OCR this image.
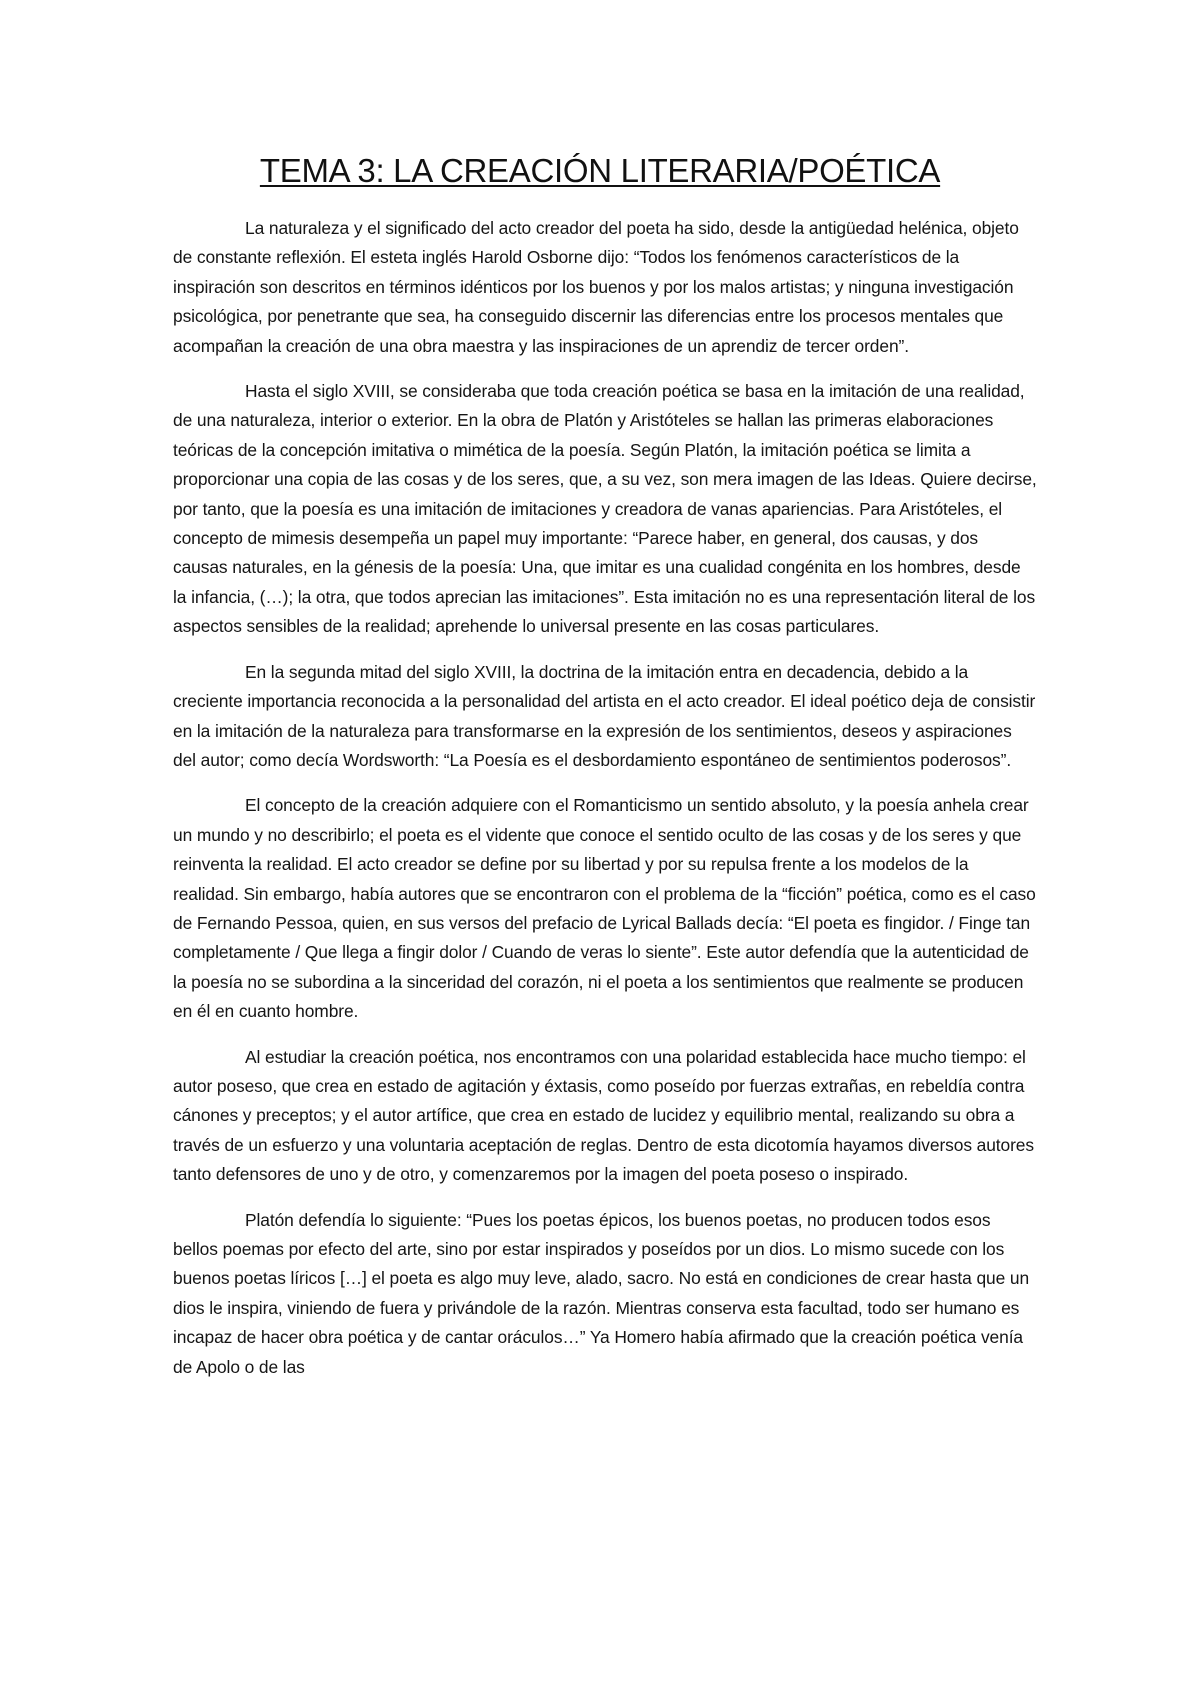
TEMA 3: LA CREACIÓN LITERARIA/POÉTICA

La naturaleza y el significado del acto creador del poeta ha sido, desde la antigüedad helénica, objeto de constante reflexión. El esteta inglés Harold Osborne dijo: “Todos los fenómenos característicos de la inspiración son descritos en términos idénticos por los buenos y por los malos artistas; y ninguna investigación psicológica, por penetrante que sea, ha conseguido discernir las diferencias entre los procesos mentales que acompañan la creación de una obra maestra y las inspiraciones de un aprendiz de tercer orden”.

Hasta el siglo XVIII, se consideraba que toda creación poética se basa en la imitación de una realidad, de una naturaleza, interior o exterior. En la obra de Platón y Aristóteles se hallan las primeras elaboraciones teóricas de la concepción imitativa o mimética de la poesía. Según Platón, la imitación poética se limita a proporcionar una copia de las cosas y de los seres, que, a su vez, son mera imagen de las Ideas. Quiere decirse, por tanto, que la poesía es una imitación de imitaciones y creadora de vanas apariencias. Para Aristóteles, el concepto de mimesis desempeña un papel muy importante: “Parece haber, en general, dos causas, y dos causas naturales, en la génesis de la poesía: Una, que imitar es una cualidad congénita en los hombres, desde la infancia, (…); la otra, que todos aprecian las imitaciones”. Esta imitación no es una representación literal de los aspectos sensibles de la realidad; aprehende lo universal presente en las cosas particulares.

En la segunda mitad del siglo XVIII, la doctrina de la imitación entra en decadencia, debido a la creciente importancia reconocida a la personalidad del artista en el acto creador. El ideal poético deja de consistir en la imitación de la naturaleza para transformarse en la expresión de los sentimientos, deseos y aspiraciones del autor; como decía Wordsworth: “La Poesía es el desbordamiento espontáneo de sentimientos poderosos”.

El concepto de la creación adquiere con el Romanticismo un sentido absoluto, y la poesía anhela crear un mundo y no describirlo; el poeta es el vidente que conoce el sentido oculto de las cosas y de los seres y que reinventa la realidad. El acto creador se define por su libertad y por su repulsa frente a los modelos de la realidad. Sin embargo, había autores que se encontraron con el problema de la “ficción” poética, como es el caso de Fernando Pessoa, quien, en sus versos del prefacio de Lyrical Ballads decía: “El poeta es fingidor. / Finge tan completamente / Que llega a fingir dolor / Cuando de veras lo siente”. Este autor defendía que la autenticidad de la poesía no se subordina a la sinceridad del corazón, ni el poeta a los sentimientos que realmente se producen en él en cuanto hombre.

Al estudiar la creación poética, nos encontramos con una polaridad establecida hace mucho tiempo: el autor poseso, que crea en estado de agitación y éxtasis, como poseído por fuerzas extrañas, en rebeldía contra cánones y preceptos; y el autor artífice, que crea en estado de lucidez y equilibrio mental, realizando su obra a través de un esfuerzo y una voluntaria aceptación de reglas. Dentro de esta dicotomía hayamos diversos autores tanto defensores de uno y de otro, y comenzaremos por la imagen del poeta poseso o inspirado.

Platón defendía lo siguiente: “Pues los poetas épicos, los buenos poetas, no producen todos esos bellos poemas por efecto del arte, sino por estar inspirados y poseídos por un dios. Lo mismo sucede con los buenos poetas líricos […] el poeta es algo muy leve, alado, sacro. No está en condiciones de crear hasta que un dios le inspira, viniendo de fuera y privándole de la razón. Mientras conserva esta facultad, todo ser humano es incapaz de hacer obra poética y de cantar oráculos…” Ya Homero había afirmado que la creación poética venía de Apolo o de las
